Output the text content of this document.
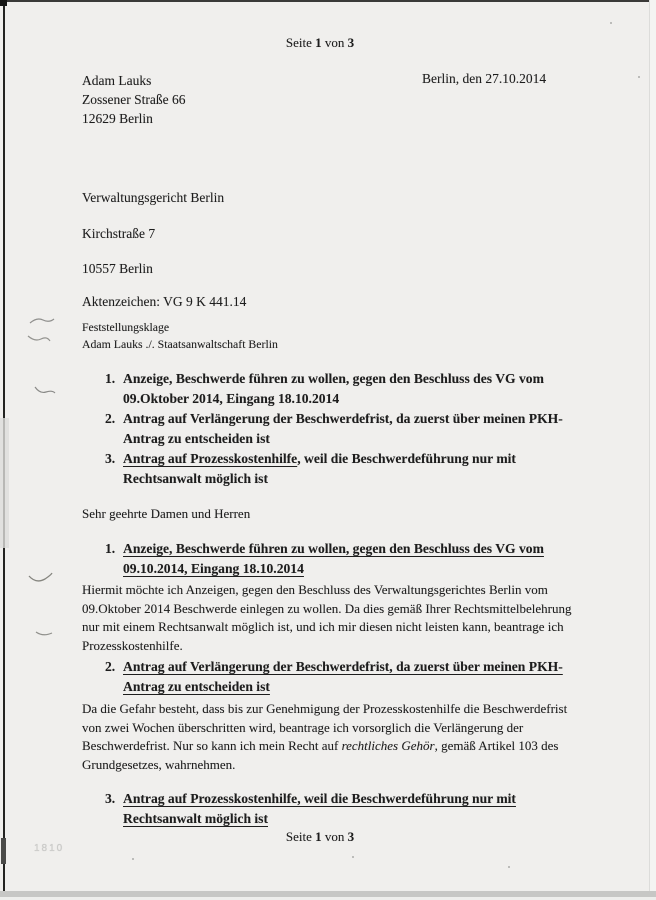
1810
Seite 1 von 3
Adam Lauks
Zossener Straße 66
12629 Berlin
Berlin, den 27.10.2014
Verwaltungsgericht Berlin
Kirchstraße 7
10557 Berlin
Aktenzeichen: VG 9 K 441.14
Feststellungsklage
Adam Lauks ./. Staatsanwaltschaft Berlin
1. Anzeige, Beschwerde führen zu wollen, gegen den Beschluss des VG vom 09.Oktober 2014, Eingang 18.10.2014
2. Antrag auf Verlängerung der Beschwerdefrist, da zuerst über meinen PKH-Antrag zu entscheiden ist
3. Antrag auf Prozesskostenhilfe, weil die Beschwerdeführung nur mit Rechtsanwalt möglich ist
Sehr geehrte Damen und Herren
1. Anzeige, Beschwerde führen zu wollen, gegen den Beschluss des VG vom 09.10.2014, Eingang 18.10.2014
Hiermit möchte ich Anzeigen, gegen den Beschluss des Verwaltungsgerichtes Berlin vom 09.Oktober 2014 Beschwerde einlegen zu wollen. Da dies gemäß Ihrer Rechtsmittelbelehrung nur mit einem Rechtsanwalt möglich ist, und ich mir diesen nicht leisten kann, beantrage ich Prozesskostenhilfe.
2. Antrag auf Verlängerung der Beschwerdefrist, da zuerst über meinen PKH-Antrag zu entscheiden ist
Da die Gefahr besteht, dass bis zur Genehmigung der Prozesskostenhilfe die Beschwerdefrist von zwei Wochen überschritten wird, beantrage ich vorsorglich die Verlängerung der Beschwerdefrist. Nur so kann ich mein Recht auf rechtliches Gehör, gemäß Artikel 103 des Grundgesetzes, wahrnehmen.
3. Antrag auf Prozesskostenhilfe, weil die Beschwerdeführung nur mit Rechtsanwalt möglich ist
Seite 1 von 3
